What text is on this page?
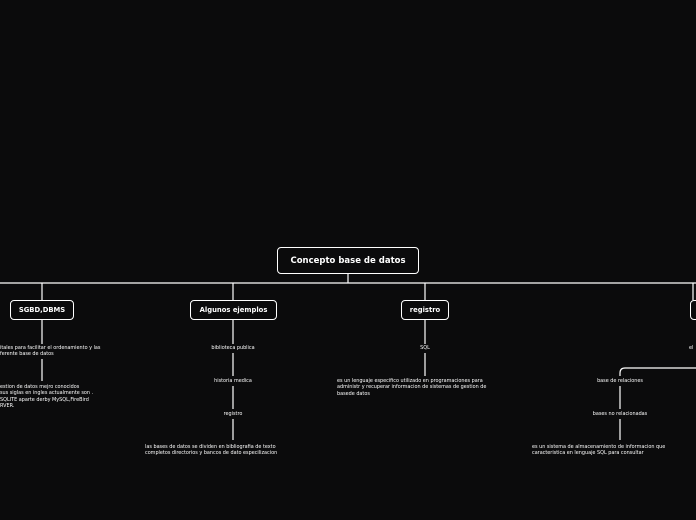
Concepto base de datos
SGBD,DBMS	Algunos ejemplos	registro
itales para facilitar el ordenamiento y las
ferente base de datos
estion de datos mejro conocidos
sus siglas en ingles actualmente son .
SQLITE aparte derby MySQL,FireBird
RVER.
biblioteca publica
historia medica
registro
las bases de datos se dividen en bibliografia de texto
completos directorios y bancos de dato especilizacion
SQL
es un lenguaje especifico utilizado en programaciones para
administr y recuperar informacion de sistemas de gestion de
basede datos
el
base de relaciones
bases no relacionadas
es un sistema de almacenamiento de informacion que
caracteristica en lenguaje SQL para consultar
